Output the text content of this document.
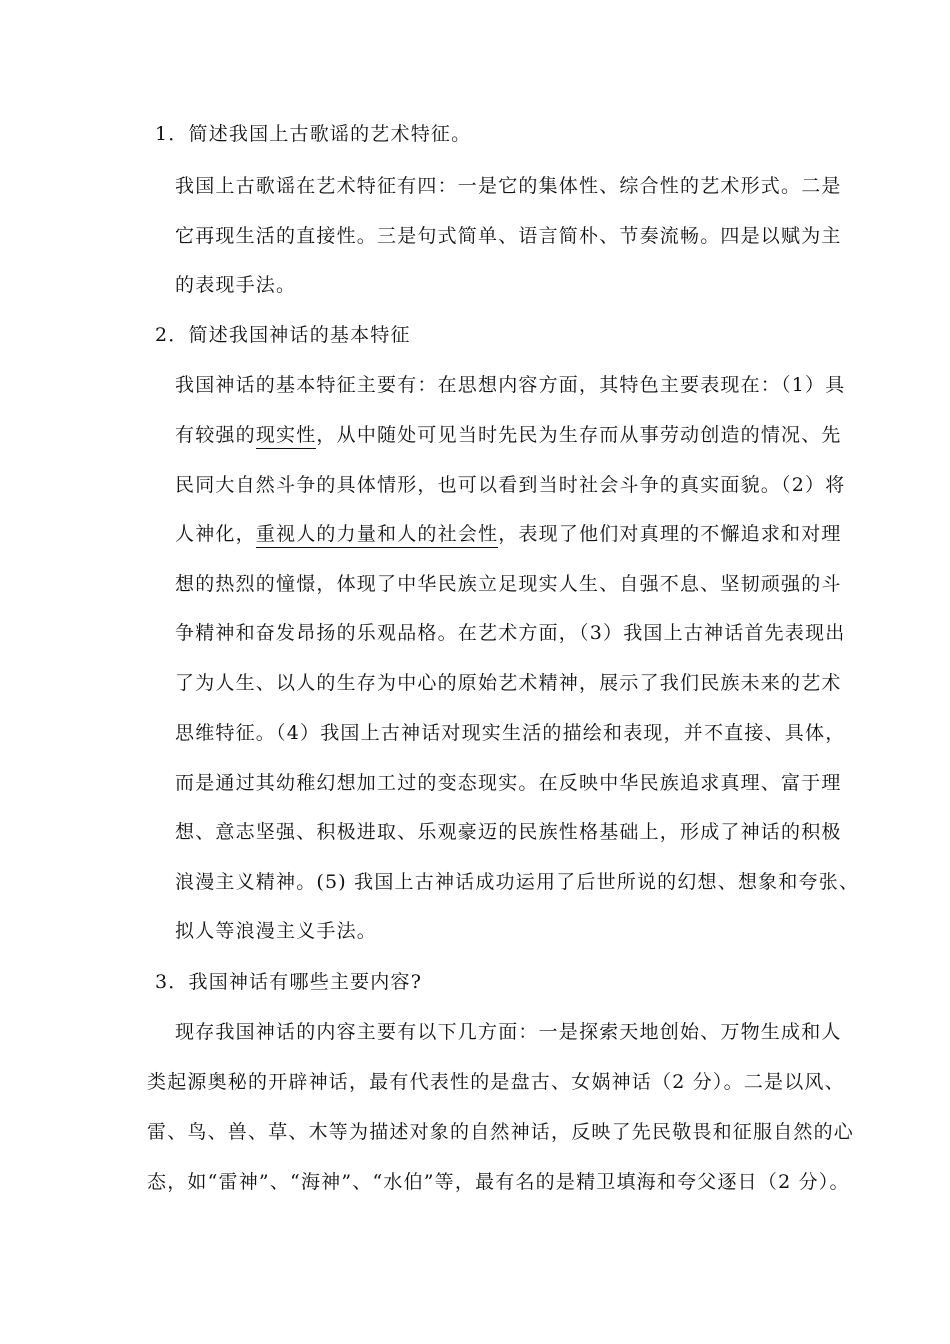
1．简述我国上古歌谣的艺术特征。
我国上古歌谣在艺术特征有四：一是它的集体性、综合性的艺术形式。二是
它再现生活的直接性。三是句式简单、语言简朴、节奏流畅。四是以赋为主
的表现手法。
2．简述我国神话的基本特征
我国神话的基本特征主要有：在思想内容方面，其特色主要表现在：（1）具
有较强的现实性，从中随处可见当时先民为生存而从事劳动创造的情况、先
民同大自然斗争的具体情形，也可以看到当时社会斗争的真实面貌。（2）将
人神化，重视人的力量和人的社会性，表现了他们对真理的不懈追求和对理
想的热烈的憧憬，体现了中华民族立足现实人生、自强不息、坚韧顽强的斗
争精神和奋发昂扬的乐观品格。在艺术方面，（3）我国上古神话首先表现出
了为人生、以人的生存为中心的原始艺术精神，展示了我们民族未来的艺术
思维特征。（4）我国上古神话对现实生活的描绘和表现，并不直接、具体，
而是通过其幼稚幻想加工过的变态现实。在反映中华民族追求真理、富于理
想、意志坚强、积极进取、乐观豪迈的民族性格基础上，形成了神话的积极
浪漫主义精神。(5) 我国上古神话成功运用了后世所说的幻想、想象和夸张、
拟人等浪漫主义手法。
3．我国神话有哪些主要内容?
现存我国神话的内容主要有以下几方面：一是探索天地创始、万物生成和人
类起源奥秘的开辟神话，最有代表性的是盘古、女娲神话（2 分）。二是以风、
雷、鸟、兽、草、木等为描述对象的自然神话，反映了先民敬畏和征服自然的心
态，如“雷神”、“海神”、“水伯”等，最有名的是精卫填海和夸父逐日（2 分）。
